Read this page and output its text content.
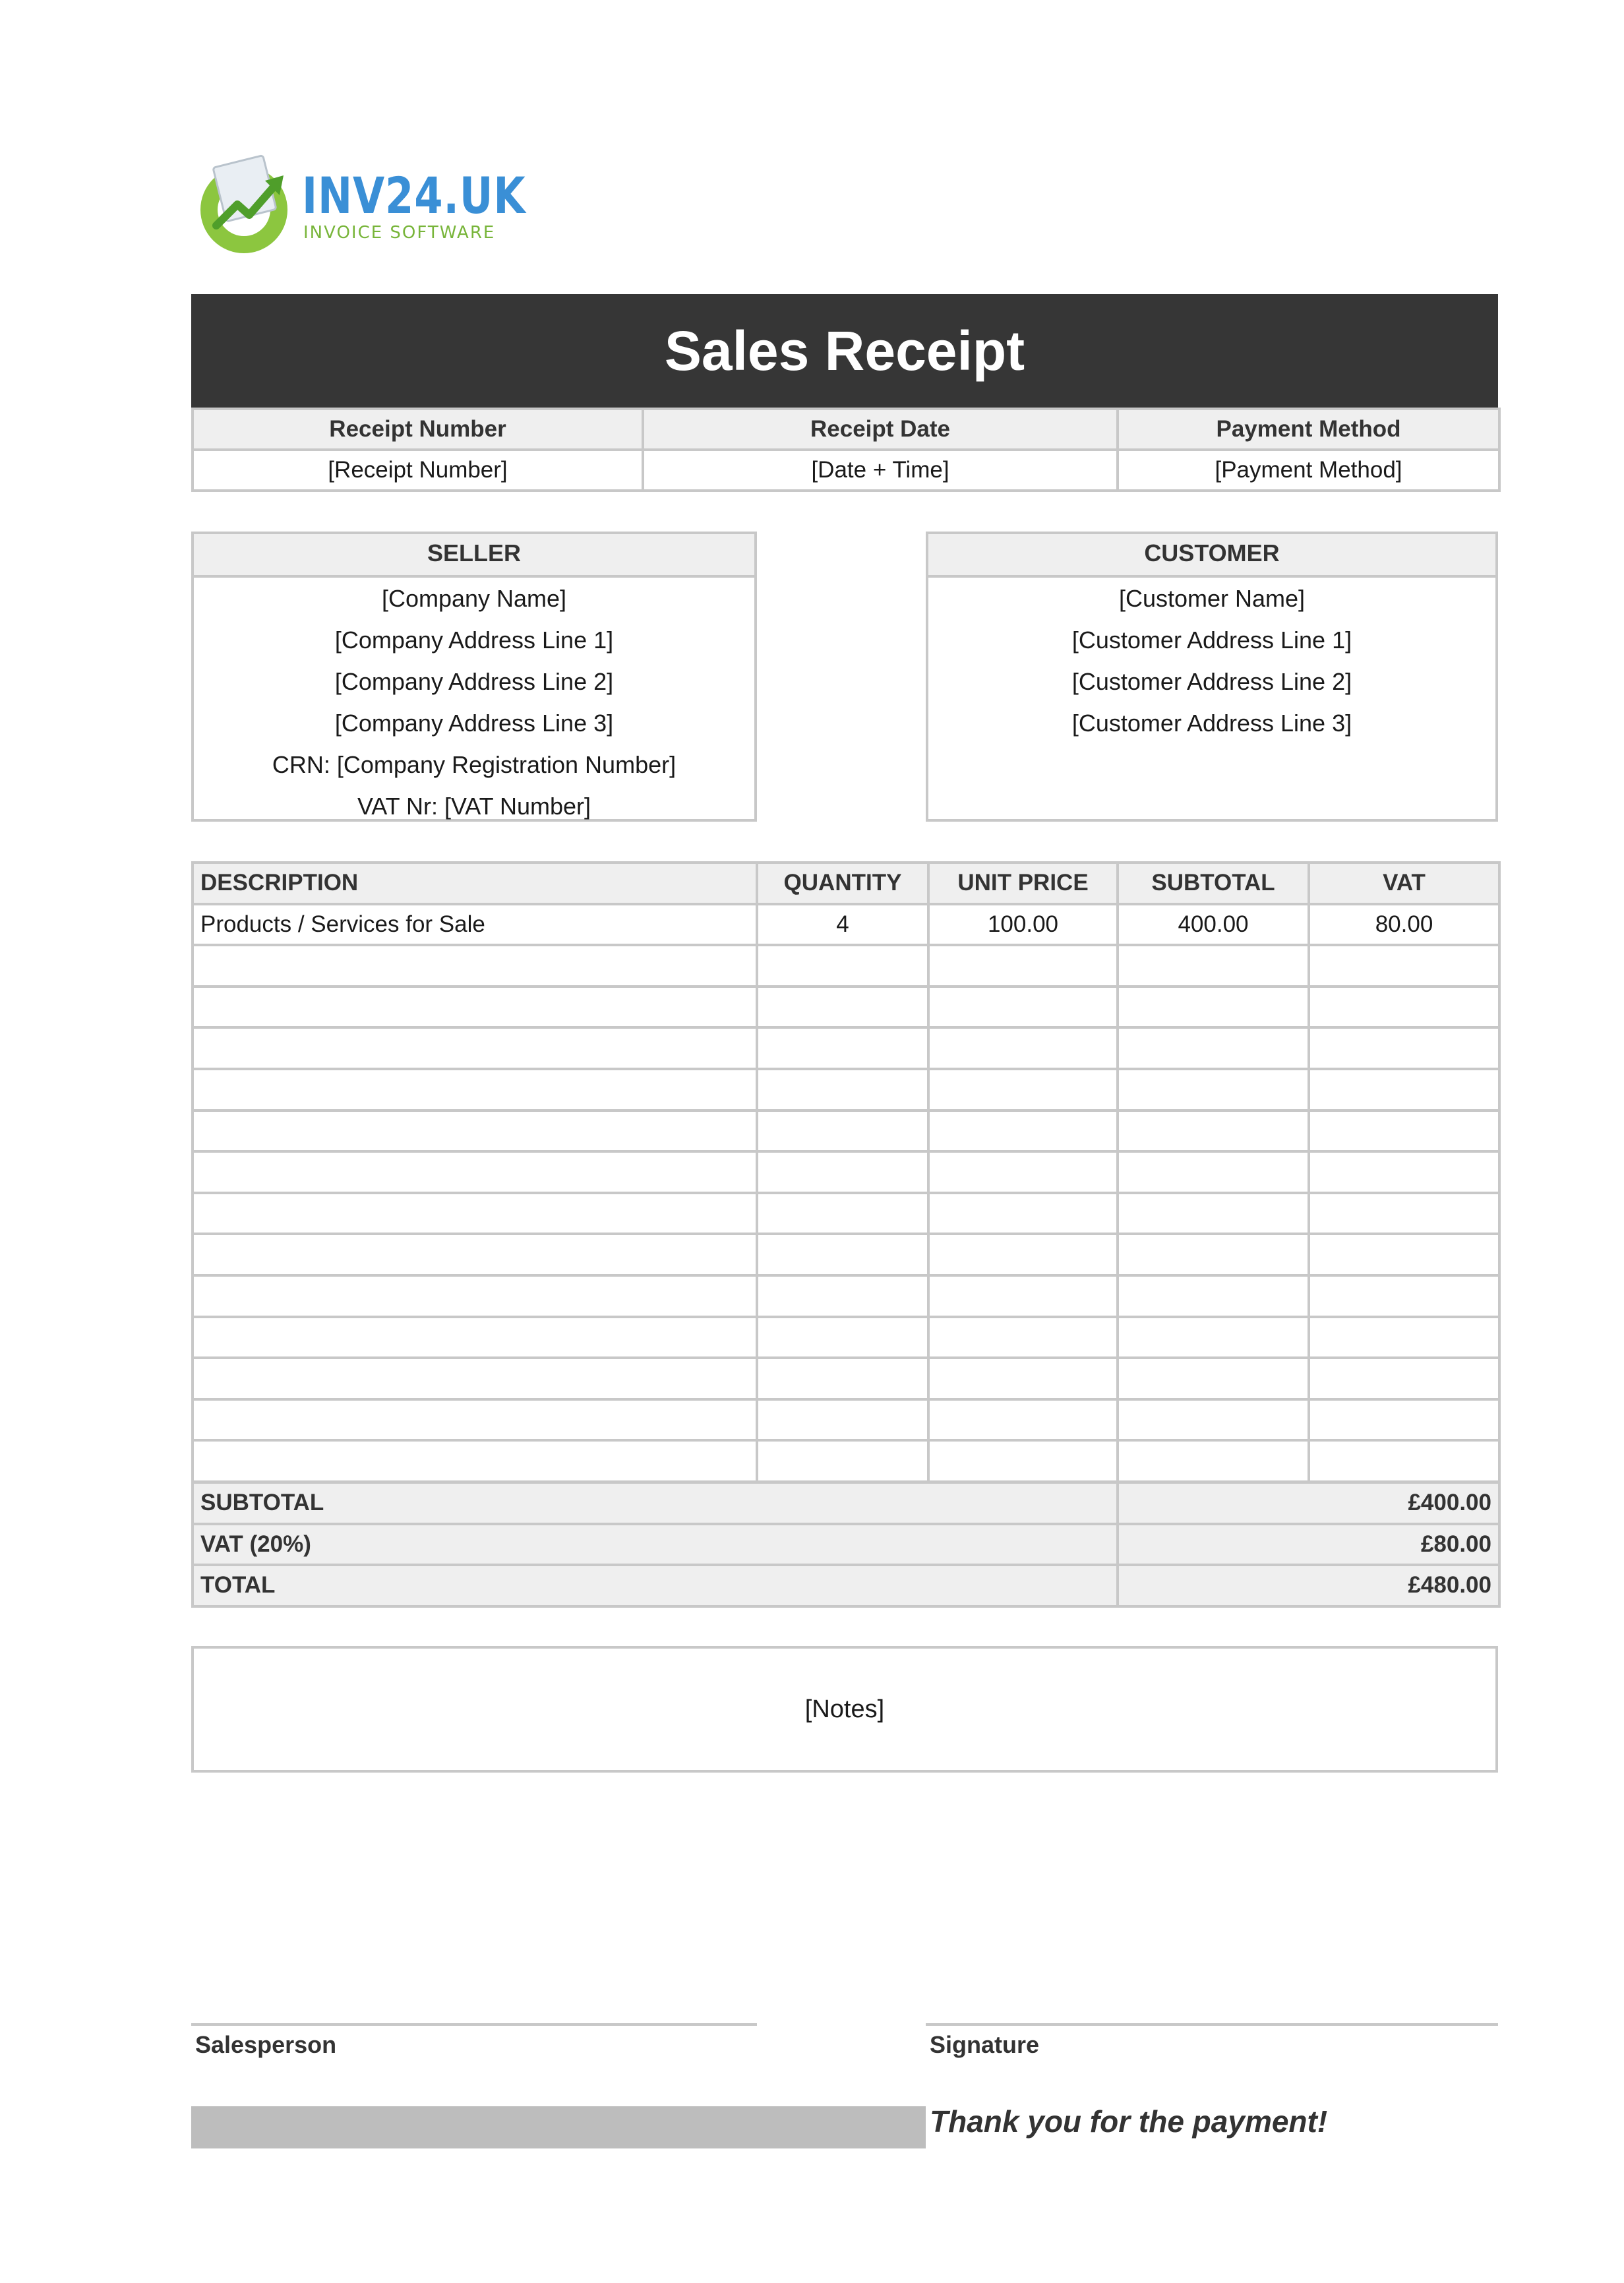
INV24.UK
INVOICE SOFTWARE
Sales Receipt
Receipt Number	Receipt Date	Payment Method
[Receipt Number]	[Date + Time]	[Payment Method]
SELLER
[Company Name]
[Company Address Line 1]
[Company Address Line 2]
[Company Address Line 3]
CRN: [Company Registration Number]
VAT Nr: [VAT Number]
CUSTOMER
[Customer Name]
[Customer Address Line 1]
[Customer Address Line 2]
[Customer Address Line 3]
DESCRIPTION	QUANTITY	UNIT PRICE	SUBTOTAL	VAT
Products / Services for Sale	4	100.00	400.00	80.00

SUBTOTAL	£400.00
VAT (20%)	£80.00
TOTAL	£480.00
[Notes]
Salesperson	Signature
Thank you for the payment!
